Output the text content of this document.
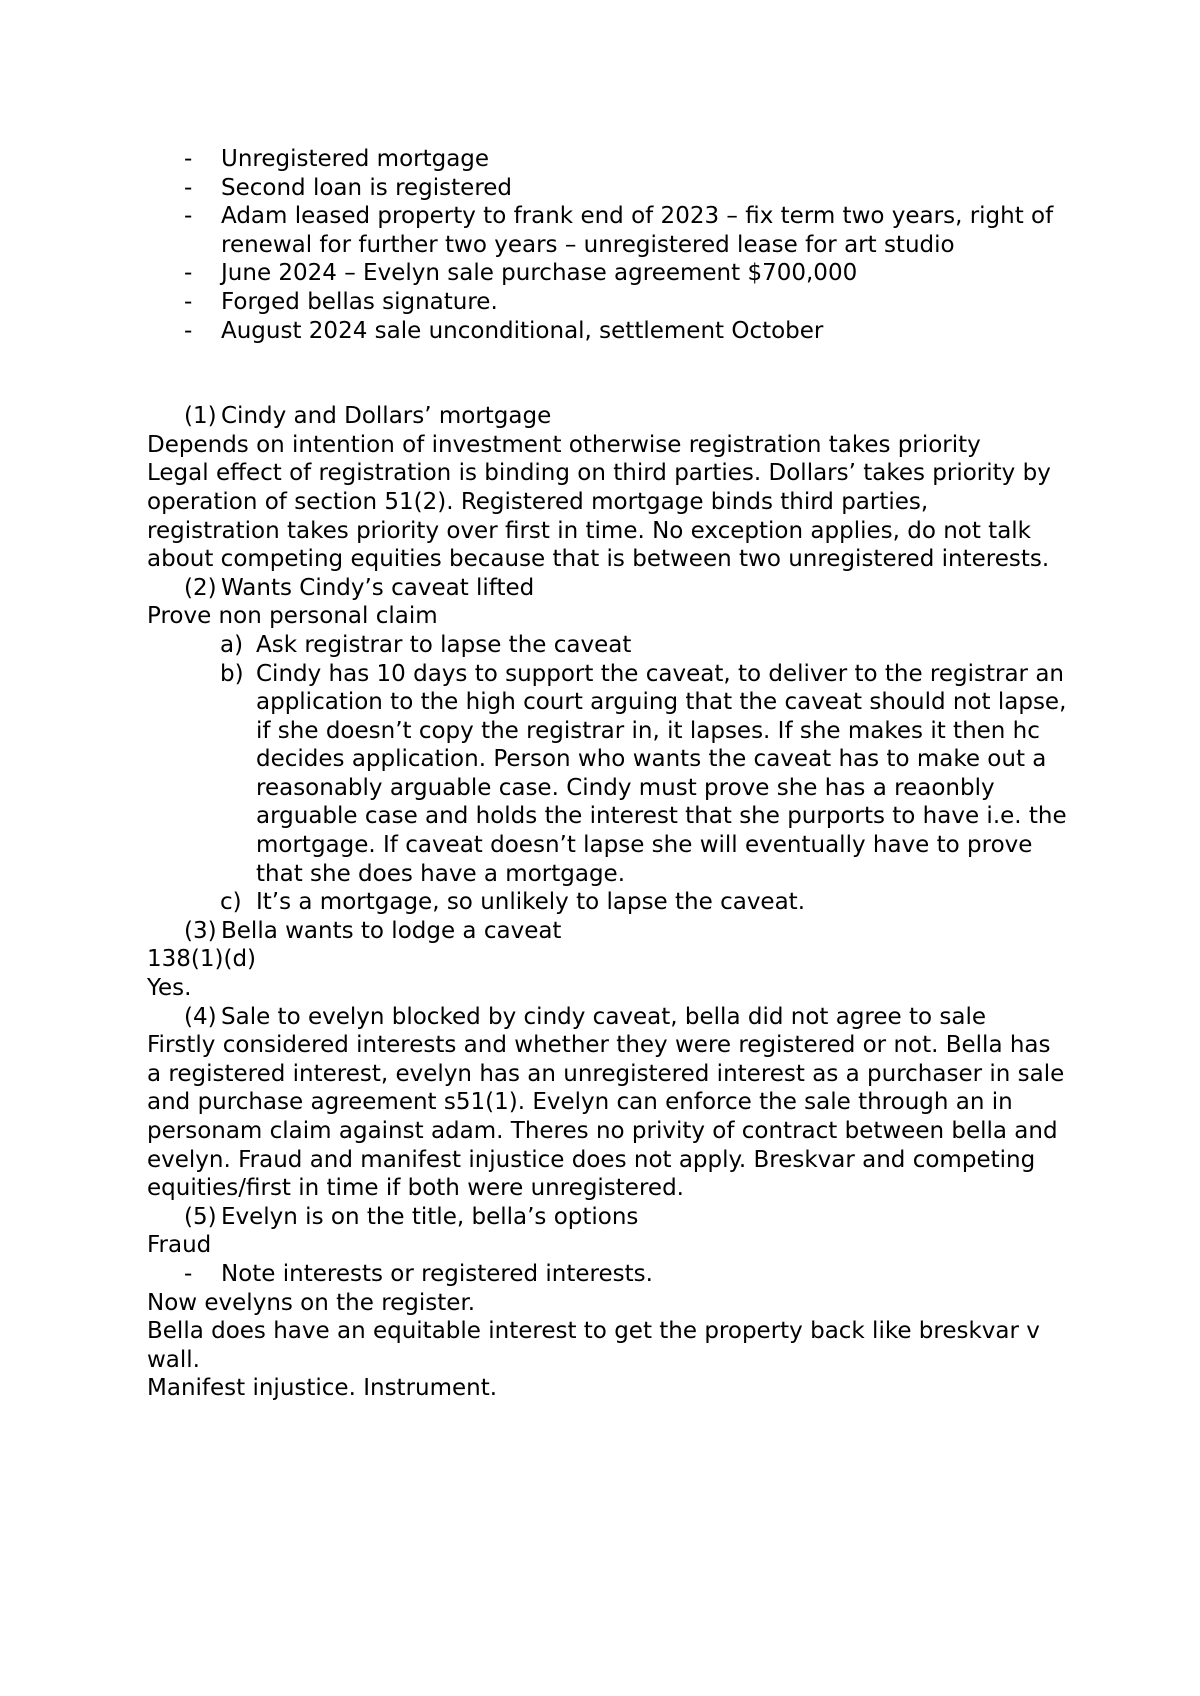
-	Unregistered mortgage
-	Second loan is registered
-	Adam leased property to frank end of 2023 – fix term two years, right of renewal for further two years – unregistered lease for art studio
-	June 2024 – Evelyn sale purchase agreement $700,000
-	Forged bellas signature.
-	August 2024 sale unconditional, settlement October
(1) Cindy and Dollars’ mortgage

Depends on intention of investment otherwise registration takes priority

Legal effect of registration is binding on third parties. Dollars’ takes priority by operation of section 51(2). Registered mortgage binds third parties, registration takes priority over first in time. No exception applies, do not talk about competing equities because that is between two unregistered interests.

(2) Wants Cindy’s caveat lifted

Prove non personal claim

a) Ask registrar to lapse the caveat
b) Cindy has 10 days to support the caveat, to deliver to the registrar an application to the high court arguing that the caveat should not lapse, if she doesn’t copy the registrar in, it lapses. If she makes it then hc decides application. Person who wants the caveat has to make out a reasonably arguable case. Cindy must prove she has a reaonbly arguable case and holds the interest that she purports to have i.e. the mortgage. If caveat doesn’t lapse she will eventually have to prove that she does have a mortgage.
c) It’s a mortgage, so unlikely to lapse the caveat.
(3) Bella wants to lodge a caveat

138(1)(d)

Yes.

(4) Sale to evelyn blocked by cindy caveat, bella did not agree to sale

Firstly considered interests and whether they were registered or not. Bella has a registered interest, evelyn has an unregistered interest as a purchaser in sale and purchase agreement s51(1). Evelyn can enforce the sale through an in personam claim against adam. Theres no privity of contract between bella and evelyn. Fraud and manifest injustice does not apply. Breskvar and competing equities/first in time if both were unregistered.

(5) Evelyn is on the title, bella’s options

Fraud

-	Note interests or registered interests.

Now evelyns on the register.

Bella does have an equitable interest to get the property back like breskvar v wall.

Manifest injustice. Instrument.
